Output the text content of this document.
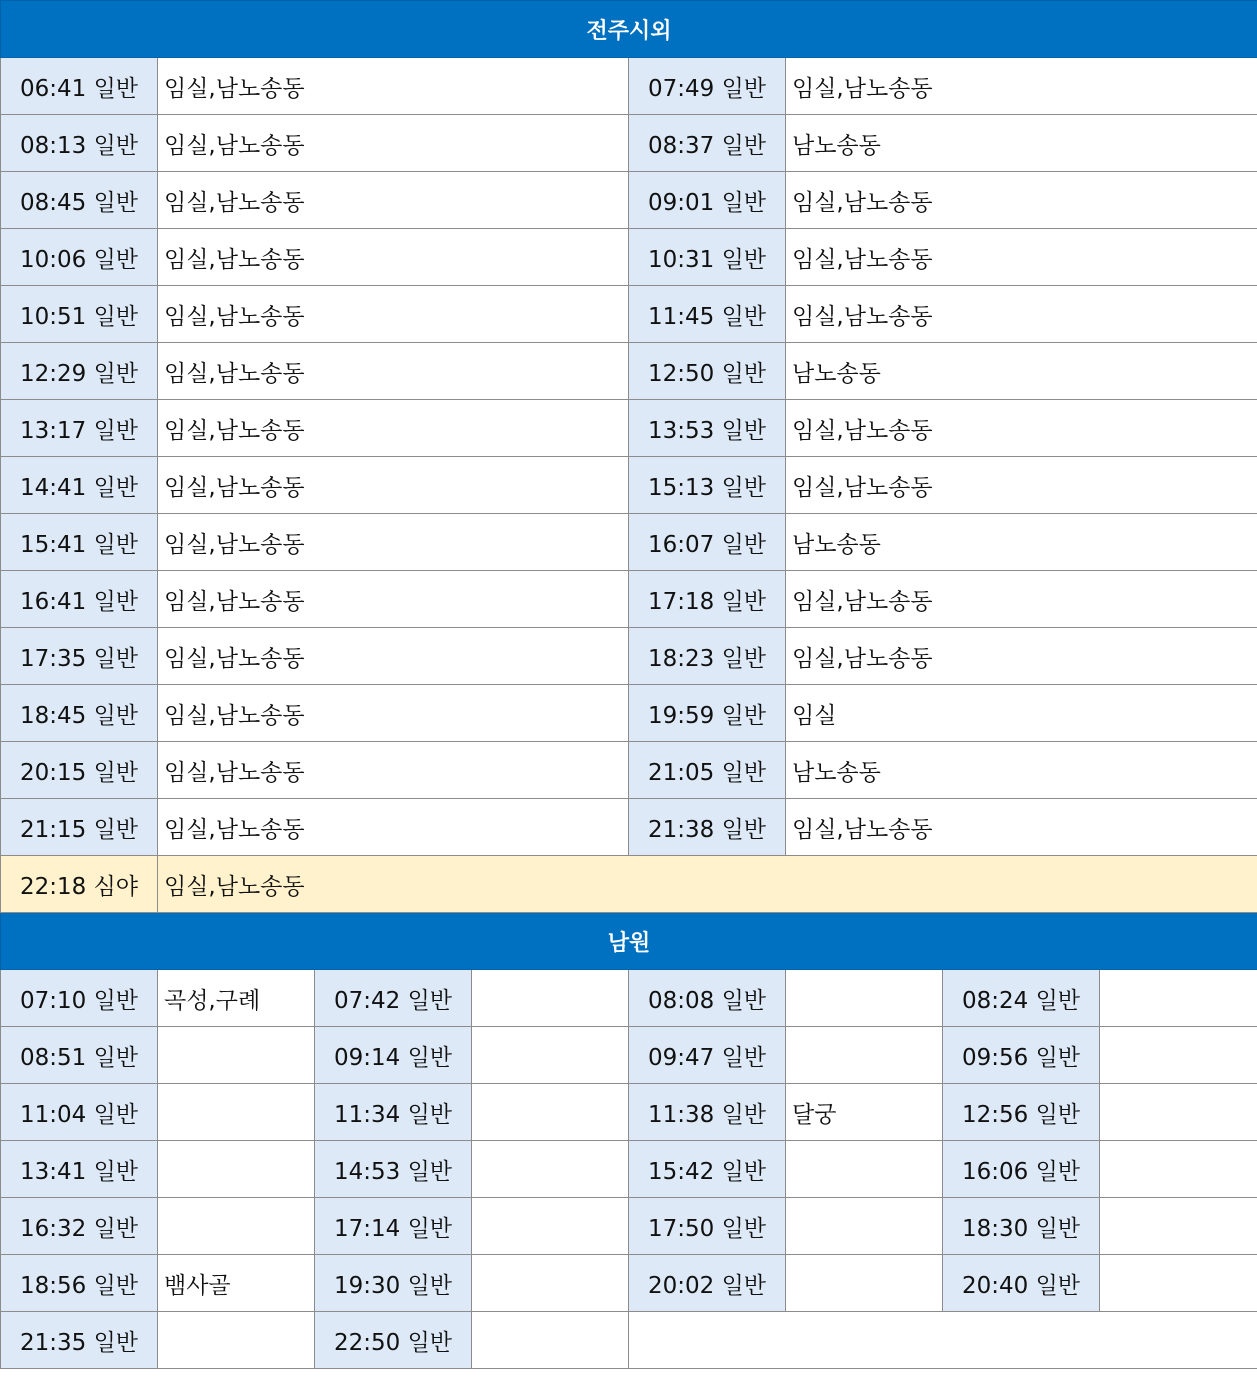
전주시외							
06:41 일반	임실,남노송동			07:49 일반	임실,남노송동		
08:13 일반	임실,남노송동			08:37 일반	남노송동		
08:45 일반	임실,남노송동			09:01 일반	임실,남노송동		
10:06 일반	임실,남노송동			10:31 일반	임실,남노송동		
10:51 일반	임실,남노송동			11:45 일반	임실,남노송동		
12:29 일반	임실,남노송동			12:50 일반	남노송동		
13:17 일반	임실,남노송동			13:53 일반	임실,남노송동		
14:41 일반	임실,남노송동			15:13 일반	임실,남노송동		
15:41 일반	임실,남노송동			16:07 일반	남노송동		
16:41 일반	임실,남노송동			17:18 일반	임실,남노송동		
17:35 일반	임실,남노송동			18:23 일반	임실,남노송동		
18:45 일반	임실,남노송동			19:59 일반	임실		
20:15 일반	임실,남노송동			21:05 일반	남노송동		
21:15 일반	임실,남노송동			21:38 일반	임실,남노송동		
22:18 심야	임실,남노송동						
남원							
07:10 일반	곡성,구례	07:42 일반		08:08 일반		08:24 일반	
08:51 일반		09:14 일반		09:47 일반		09:56 일반	
11:04 일반		11:34 일반		11:38 일반	달궁	12:56 일반	
13:41 일반		14:53 일반		15:42 일반		16:06 일반	
16:32 일반		17:14 일반		17:50 일반		18:30 일반	
18:56 일반	뱀사골	19:30 일반		20:02 일반		20:40 일반	
21:35 일반		22:50 일반					
